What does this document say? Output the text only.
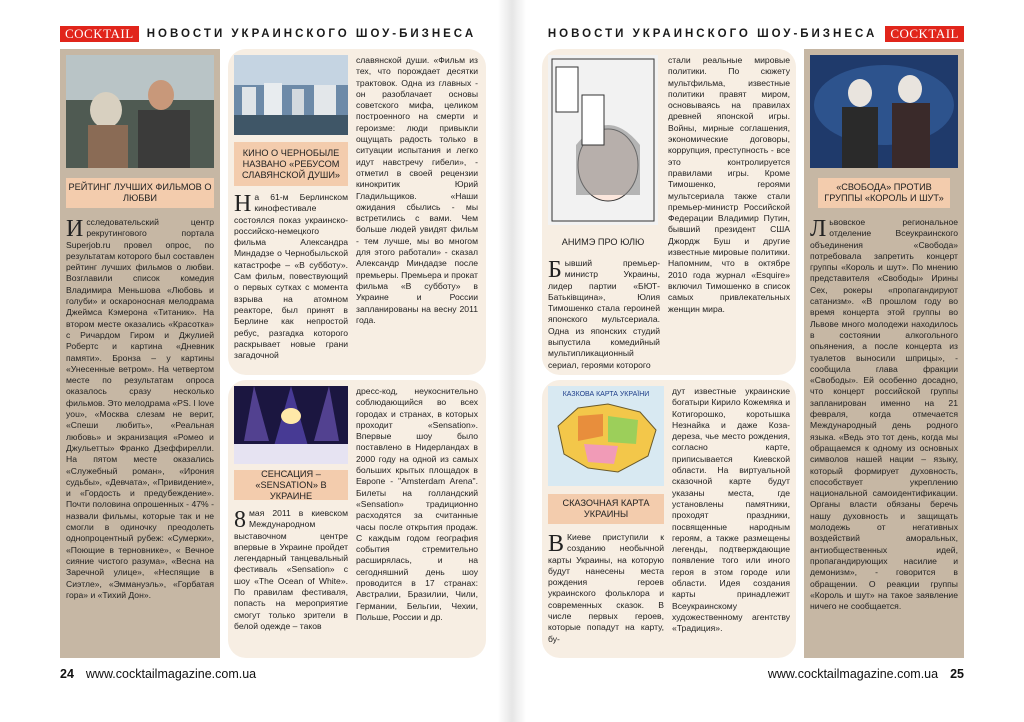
COCKTAIL	НОВОСТИ УКРАИНСКОГО ШОУ-БИЗНЕСА	НОВОСТИ УКРАИНСКОГО ШОУ-БИЗНЕСА	COCKTAIL
РЕЙТИНГ ЛУЧШИХ ФИЛЬМОВ О ЛЮБВИ
Исследовательский центр рекрутингового портала Superjob.ru провел опрос, по результатам которого был составлен рейтинг лучших фильмов о любви. Возглавили список комедия Владимира Меньшова «Любовь и голуби» и оскароносная мелодрама Джеймса Кэмерона «Титаник». На втором месте оказались «Красотка» с Ричардом Гиром и Джулией Робертс и картина «Дневник памяти». Бронза – у картины «Унесенные ветром». На четвертом месте по результатам опроса оказалось сразу несколько фильмов. Это мелодрама «PS. I love you», «Москва слезам не верит, «Спеши любить», «Реальная любовь» и экранизация «Ромео и Джульетты» Франко Дзеффирелли. На пятом месте оказались «Служебный роман», «Ирония судьбы», «Девчата», «Привидение», и «Гордость и предубеждение». Почти половина опрошенных - 47% - назвали фильмы, которые так и не смогли в одиночку преодолеть однопроцентный рубеж: «Сумерки», «Поющие в терновнике», « Вечное сияние чистого разума», «Весна на Заречной улице», «Неспящие в Сиэтле», «Эммануэль», «Горбатая гора» и «Тихий Дон».
КИНО О ЧЕРНОБЫЛЕ НАЗВАНО «РЕБУСОМ СЛАВЯНСКОЙ ДУШИ»
На 61-м Берлинском кинофестивале состоялся показ украинско-российско-немецкого фильма Александра Миндадзе о Чернобыльской катастрофе – «В субботу». Сам фильм, повествующий о первых сутках с момента взрыва на атомном реакторе, был принят в Берлине как непростой ребус, разгадка которого раскрывает новые грани загадочной
славянской души. «Фильм из тех, что порождает десятки трактовок. Одна из главных - он разоблачает основы советского мифа, целиком построенного на смерти и героизме: люди привыкли ощущать радость только в ситуации испытания и легко идут навстречу гибели», - отметил в своей рецензии кинокритик Юрий Гладильщиков. «Наши ожидания сбылись - мы встретились с вами. Чем больше людей увидят фильм - тем лучше, мы во многом для этого работали» - сказал Александр Миндадзе после премьеры. Премьера и прокат фильма «В субботу» в Украине и России запланированы на весну 2011 года.
СЕНСАЦИЯ – «SENSATION» В УКРАИНЕ
8 мая 2011 в киевском Международном выставочном центре впервые в Украине пройдет легендарный танцевальный фестиваль «Sensation» с шоу «The Ocean of White». По правилам фестиваля, попасть на мероприятие смогут только зрители в белой одежде – таков
дресс-код, неукоснительно соблюдающийся во всех городах и странах, в которых проходит «Sensation». Впервые шоу было поставлено в Нидерландах в 2000 году на одной из самых больших крытых площадок в Европе - "Amsterdam Arena". Билеты на голландский «Sensation» традиционно расходятся за считанные часы после открытия продаж. С каждым годом география события стремительно расширялась, и на сегодняшний день шоу проводится в 17 странах: Австралии, Бразилии, Чили, Германии, Бельгии, Чехии, Польше, России и др.
АНИМЭ ПРО ЮЛЮ
Бывший премьер-министр Украины, лидер партии «БЮТ-Батьківщина», Юлия Тимошенко стала героиней японского мультсериала. Одна из японских студий выпустила комедийный мультипликационный сериал, героями которого
стали реальные мировые политики. По сюжету мультфильма, известные политики правят миром, основываясь на правилах древней японской игры. Войны, мирные соглашения, экономические договоры, коррупция, преступность - все это контролируется правилами игры. Кроме Тимошенко, героями мультсериала также стали премьер-министр Российской Федерации Владимир Путин, бывший президент США Джордж Буш и другие известные мировые политики. Напомним, что в октябре 2010 года журнал «Esquire» включил Тимошенко в список самых привлекательных женщин мира.
КАЗКОВА КАРТА УКРАЇНИ
СКАЗОЧНАЯ КАРТА УКРАИНЫ
В Киеве приступили к созданию необычной карты Украины, на которую будут нанесены места рождения героев украинского фольклора и современных сказок. В числе первых героев, которые попадут на карту, бу-
дут известные украинские богатыри Кирило Кожемяка и Котигорошко, коротышка Незнайка и даже Коза-дереза, чье место рождения, согласно карте, приписывается Киевской области. На виртуальной сказочной карте будут указаны места, где установлены памятники, проходят праздники, посвященные народным героям, а также размещены легенды, подтверждающие появление того или иного героя в этом городе или области. Идея создания карты принадлежит Всеукраинскому художественному агентству «Традиция».
«СВОБОДА» ПРОТИВ ГРУППЫ «КОРОЛЬ И ШУТ»
Львовское региональное отделение Всеукраинского объединения «Свобода» потребовала запретить концерт группы «Король и шут». По мнению представителя «Свободы» Ирины Сех, рокеры «пропагандируют сатанизм». «В прошлом году во время концерта этой группы во Львове много молодежи находилось в состоянии алкогольного опьянения, а после концерта из туалетов выносили шприцы», - сообщила глава фракции «Свободы». Ей особенно досадно, что концерт российской группы запланирован именно на 21 февраля, когда отмечается Международный день родного языка. «Ведь это тот день, когда мы обращаемся к одному из основных символов нашей нации – языку, который формирует духовность, способствует укреплению национальной самоидентификации. Органы власти обязаны беречь нашу духовность и защищать молодежь от негативных воздействий аморальных, антиобщественных идей, пропагандирующих насилие и демонизм», - говорится в обращении. О реакции группы «Король и шут» на такое заявление ничего не сообщается.
24 www.cocktailmagazine.com.ua	www.cocktailmagazine.com.ua 25
